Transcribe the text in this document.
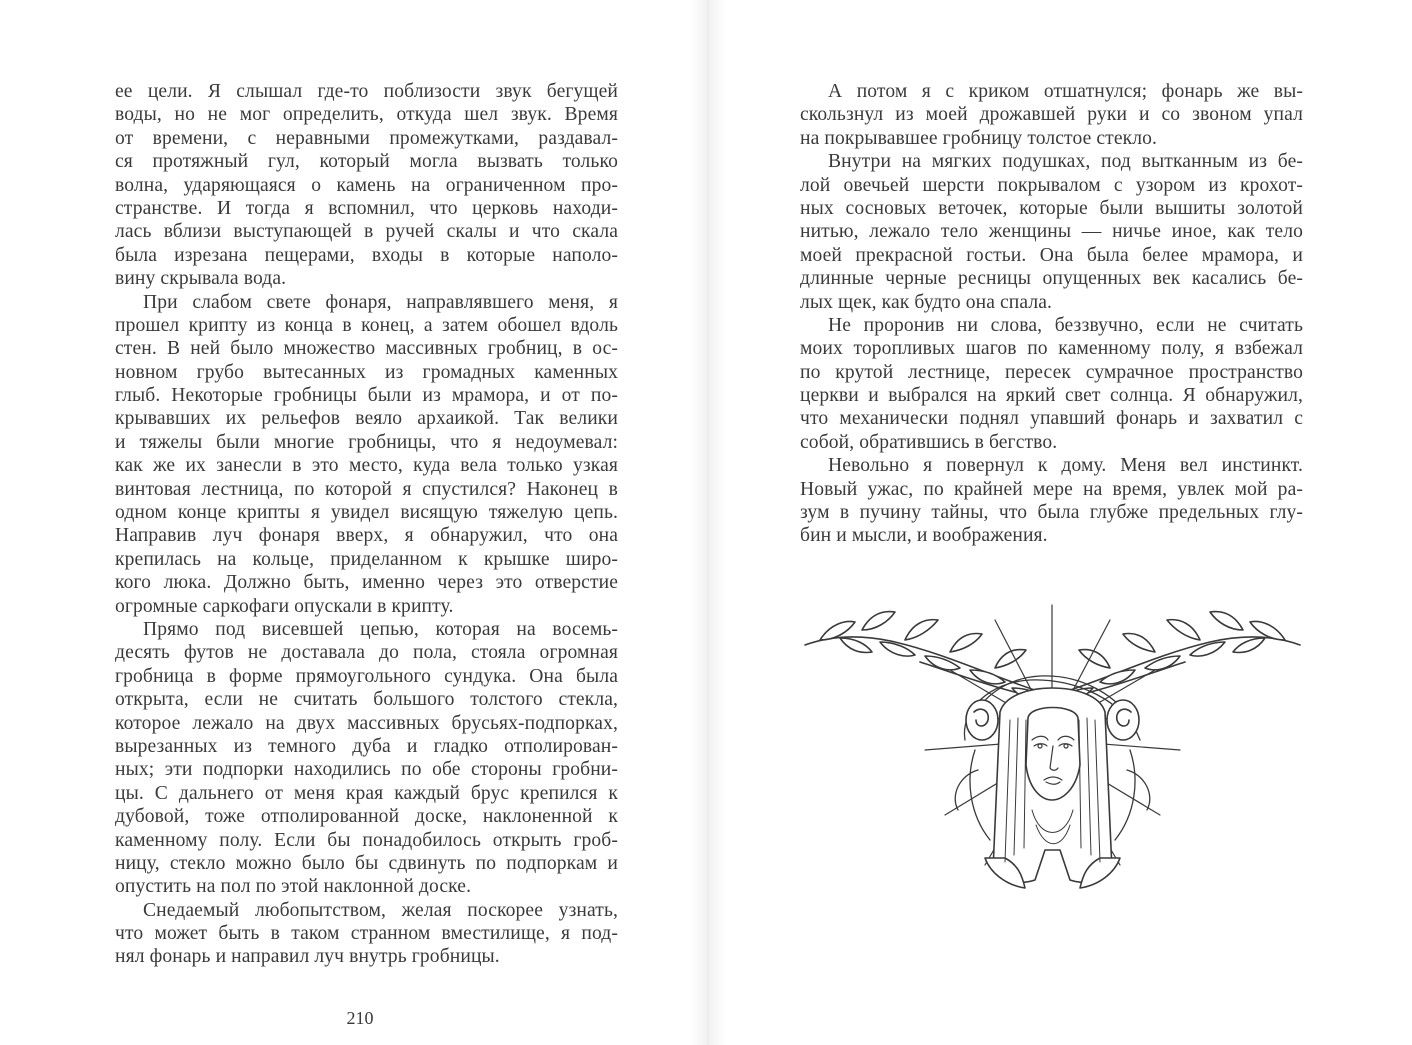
ее цели. Я слышал где-то поблизости звук бегущей
воды, но не мог определить, откуда шел звук. Время
от времени, с неравными промежутками, раздавал-
ся протяжный гул, который могла вызвать только
волна, ударяющаяся о камень на ограниченном про-
странстве. И тогда я вспомнил, что церковь находи-
лась вблизи выступающей в ручей скалы и что скала
была изрезана пещерами, входы в которые наполо-
вину скрывала вода.
При слабом свете фонаря, направлявшего меня, я
прошел крипту из конца в конец, а затем обошел вдоль
стен. В ней было множество массивных гробниц, в ос-
новном грубо вытесанных из громадных каменных
глыб. Некоторые гробницы были из мрамора, и от по-
крывавших их рельефов веяло архаикой. Так велики
и тяжелы были многие гробницы, что я недоумевал:
как же их занесли в это место, куда вела только узкая
винтовая лестница, по которой я спустился? Наконец в
одном конце крипты я увидел висящую тяжелую цепь.
Направив луч фонаря вверх, я обнаружил, что она
крепилась на кольце, приделанном к крышке широ-
кого люка. Должно быть, именно через это отверстие
огромные саркофаги опускали в крипту.
Прямо под висевшей цепью, которая на восемь-
десять футов не доставала до пола, стояла огромная
гробница в форме прямоугольного сундука. Она была
открыта, если не считать большого толстого стекла,
которое лежало на двух массивных брусьях-подпорках,
вырезанных из темного дуба и гладко отполирован-
ных; эти подпорки находились по обе стороны гробни-
цы. С дальнего от меня края каждый брус крепился к
дубовой, тоже отполированной доске, наклоненной к
каменному полу. Если бы понадобилось открыть гроб-
ницу, стекло можно было бы сдвинуть по подпоркам и
опустить на пол по этой наклонной доске.
Снедаемый любопытством, желая поскорее узнать,
что может быть в таком странном вместилище, я под-
нял фонарь и направил луч внутрь гробницы.
210
А потом я с криком отшатнулся; фонарь же вы-
скользнул из моей дрожавшей руки и со звоном упал
на покрывавшее гробницу толстое стекло.
Внутри на мягких подушках, под вытканным из бе-
лой овечьей шерсти покрывалом с узором из крохот-
ных сосновых веточек, которые были вышиты золотой
нитью, лежало тело женщины — ничье иное, как тело
моей прекрасной гостьи. Она была белее мрамора, и
длинные черные ресницы опущенных век касались бе-
лых щек, как будто она спала.
Не проронив ни слова, беззвучно, если не считать
моих торопливых шагов по каменному полу, я взбежал
по крутой лестнице, пересек сумрачное пространство
церкви и выбрался на яркий свет солнца. Я обнаружил,
что механически поднял упавший фонарь и захватил с
собой, обратившись в бегство.
Невольно я повернул к дому. Меня вел инстинкт.
Новый ужас, по крайней мере на время, увлек мой ра-
зум в пучину тайны, что была глубже предельных глу-
бин и мысли, и воображения.
